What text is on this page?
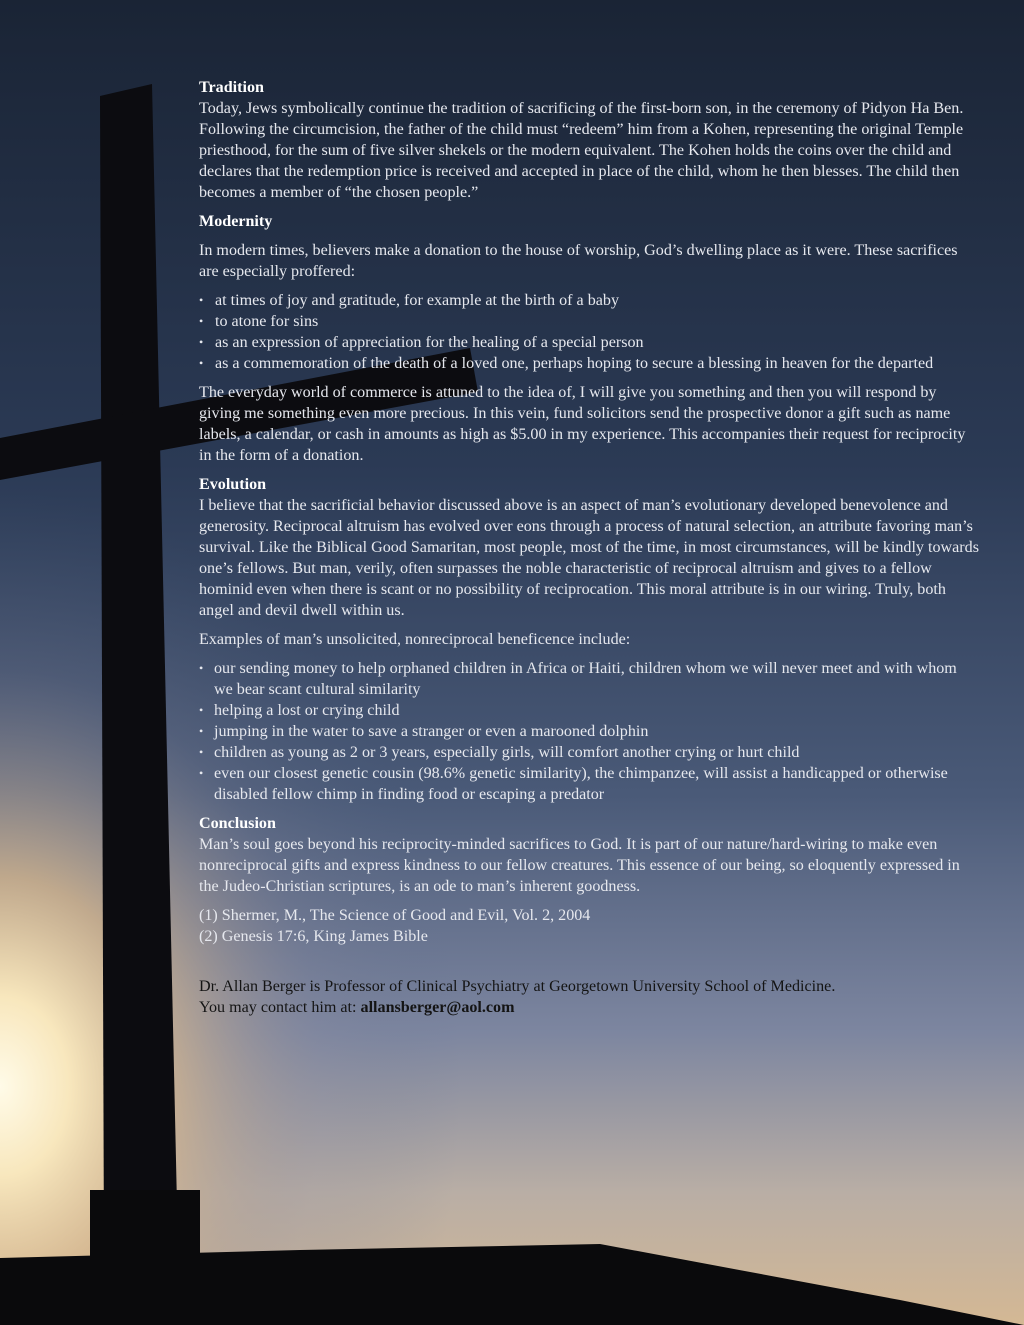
Tradition

Today, Jews symbolically continue the tradition of sacrificing of the first-born son, in the ceremony of Pidyon Ha Ben. Following the circumcision, the father of the child must “redeem” him from a Kohen, representing the original Temple priesthood, for the sum of five silver shekels or the modern equivalent. The Kohen holds the coins over the child and declares that the redemption price is received and accepted in place of the child, whom he then blesses. The child then becomes a member of “the chosen people.”

Modernity

In modern times, believers make a donation to the house of worship, God’s dwelling place as it were. These sacrifices are especially proffered:

• at times of joy and gratitude, for example at the birth of a baby
• to atone for sins
• as an expression of appreciation for the healing of a special person
• as a commemoration of the death of a loved one, perhaps hoping to secure a blessing in heaven for the departed

The everyday world of commerce is attuned to the idea of, I will give you something and then you will respond by giving me something even more precious. In this vein, fund solicitors send the prospective donor a gift such as name labels, a calendar, or cash in amounts as high as $5.00 in my experience. This accompanies their request for reciprocity in the form of a donation.

Evolution

I believe that the sacrificial behavior discussed above is an aspect of man’s evolutionary developed benevolence and generosity. Reciprocal altruism has evolved over eons through a process of natural selection, an attribute favoring man’s survival. Like the Biblical Good Samaritan, most people, most of the time, in most circumstances, will be kindly towards one’s fellows. But man, verily, often surpasses the noble characteristic of reciprocal altruism and gives to a fellow hominid even when there is scant or no possibility of reciprocation. This moral attribute is in our wiring. Truly, both angel and devil dwell within us.

Examples of man’s unsolicited, nonreciprocal beneficence include:

• our sending money to help orphaned children in Africa or Haiti, children whom we will never meet and with whom we bear scant cultural similarity
• helping a lost or crying child
• jumping in the water to save a stranger or even a marooned dolphin
• children as young as 2 or 3 years, especially girls, will comfort another crying or hurt child
• even our closest genetic cousin (98.6% genetic similarity), the chimpanzee, will assist a handicapped or otherwise disabled fellow chimp in finding food or escaping a predator
Conclusion

Man’s soul goes beyond his reciprocity-minded sacrifices to God. It is part of our nature/hard-wiring to make even nonreciprocal gifts and express kindness to our fellow creatures. This essence of our being, so eloquently expressed in the Judeo-Christian scriptures, is an ode to man’s inherent goodness.

(1) Shermer, M., The Science of Good and Evil, Vol. 2, 2004
(2) Genesis 17:6, King James Bible
Dr. Allan Berger is Professor of Clinical Psychiatry at Georgetown University School of Medicine.
You may contact him at: allansberger@aol.com
